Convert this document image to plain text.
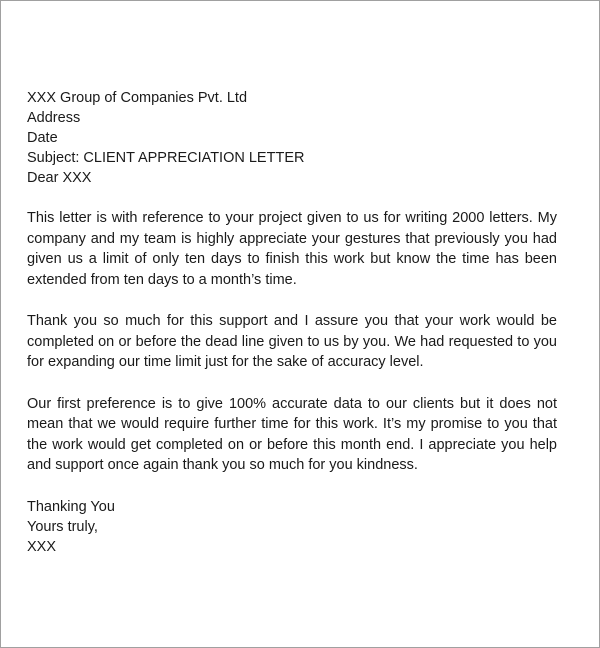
XXX Group of Companies Pvt. Ltd
Address
Date
Subject: CLIENT APPRECIATION LETTER
Dear XXX

This letter is with reference to your project given to us for writing 2000 letters. My company and my team is highly appreciate your gestures that previously you had given us a limit of only ten days to finish this work but know the time has been extended from ten days to a month’s time.

Thank you so much for this support and I assure you that your work would be completed on or before the dead line given to us by you. We had requested to you for expanding our time limit just for the sake of accuracy level.

Our first preference is to give 100% accurate data to our clients but it does not mean that we would require further time for this work. It’s my promise to you that the work would get completed on or before this month end. I appreciate you help and support once again thank you so much for you kindness.

Thanking You
Yours truly,
XXX
